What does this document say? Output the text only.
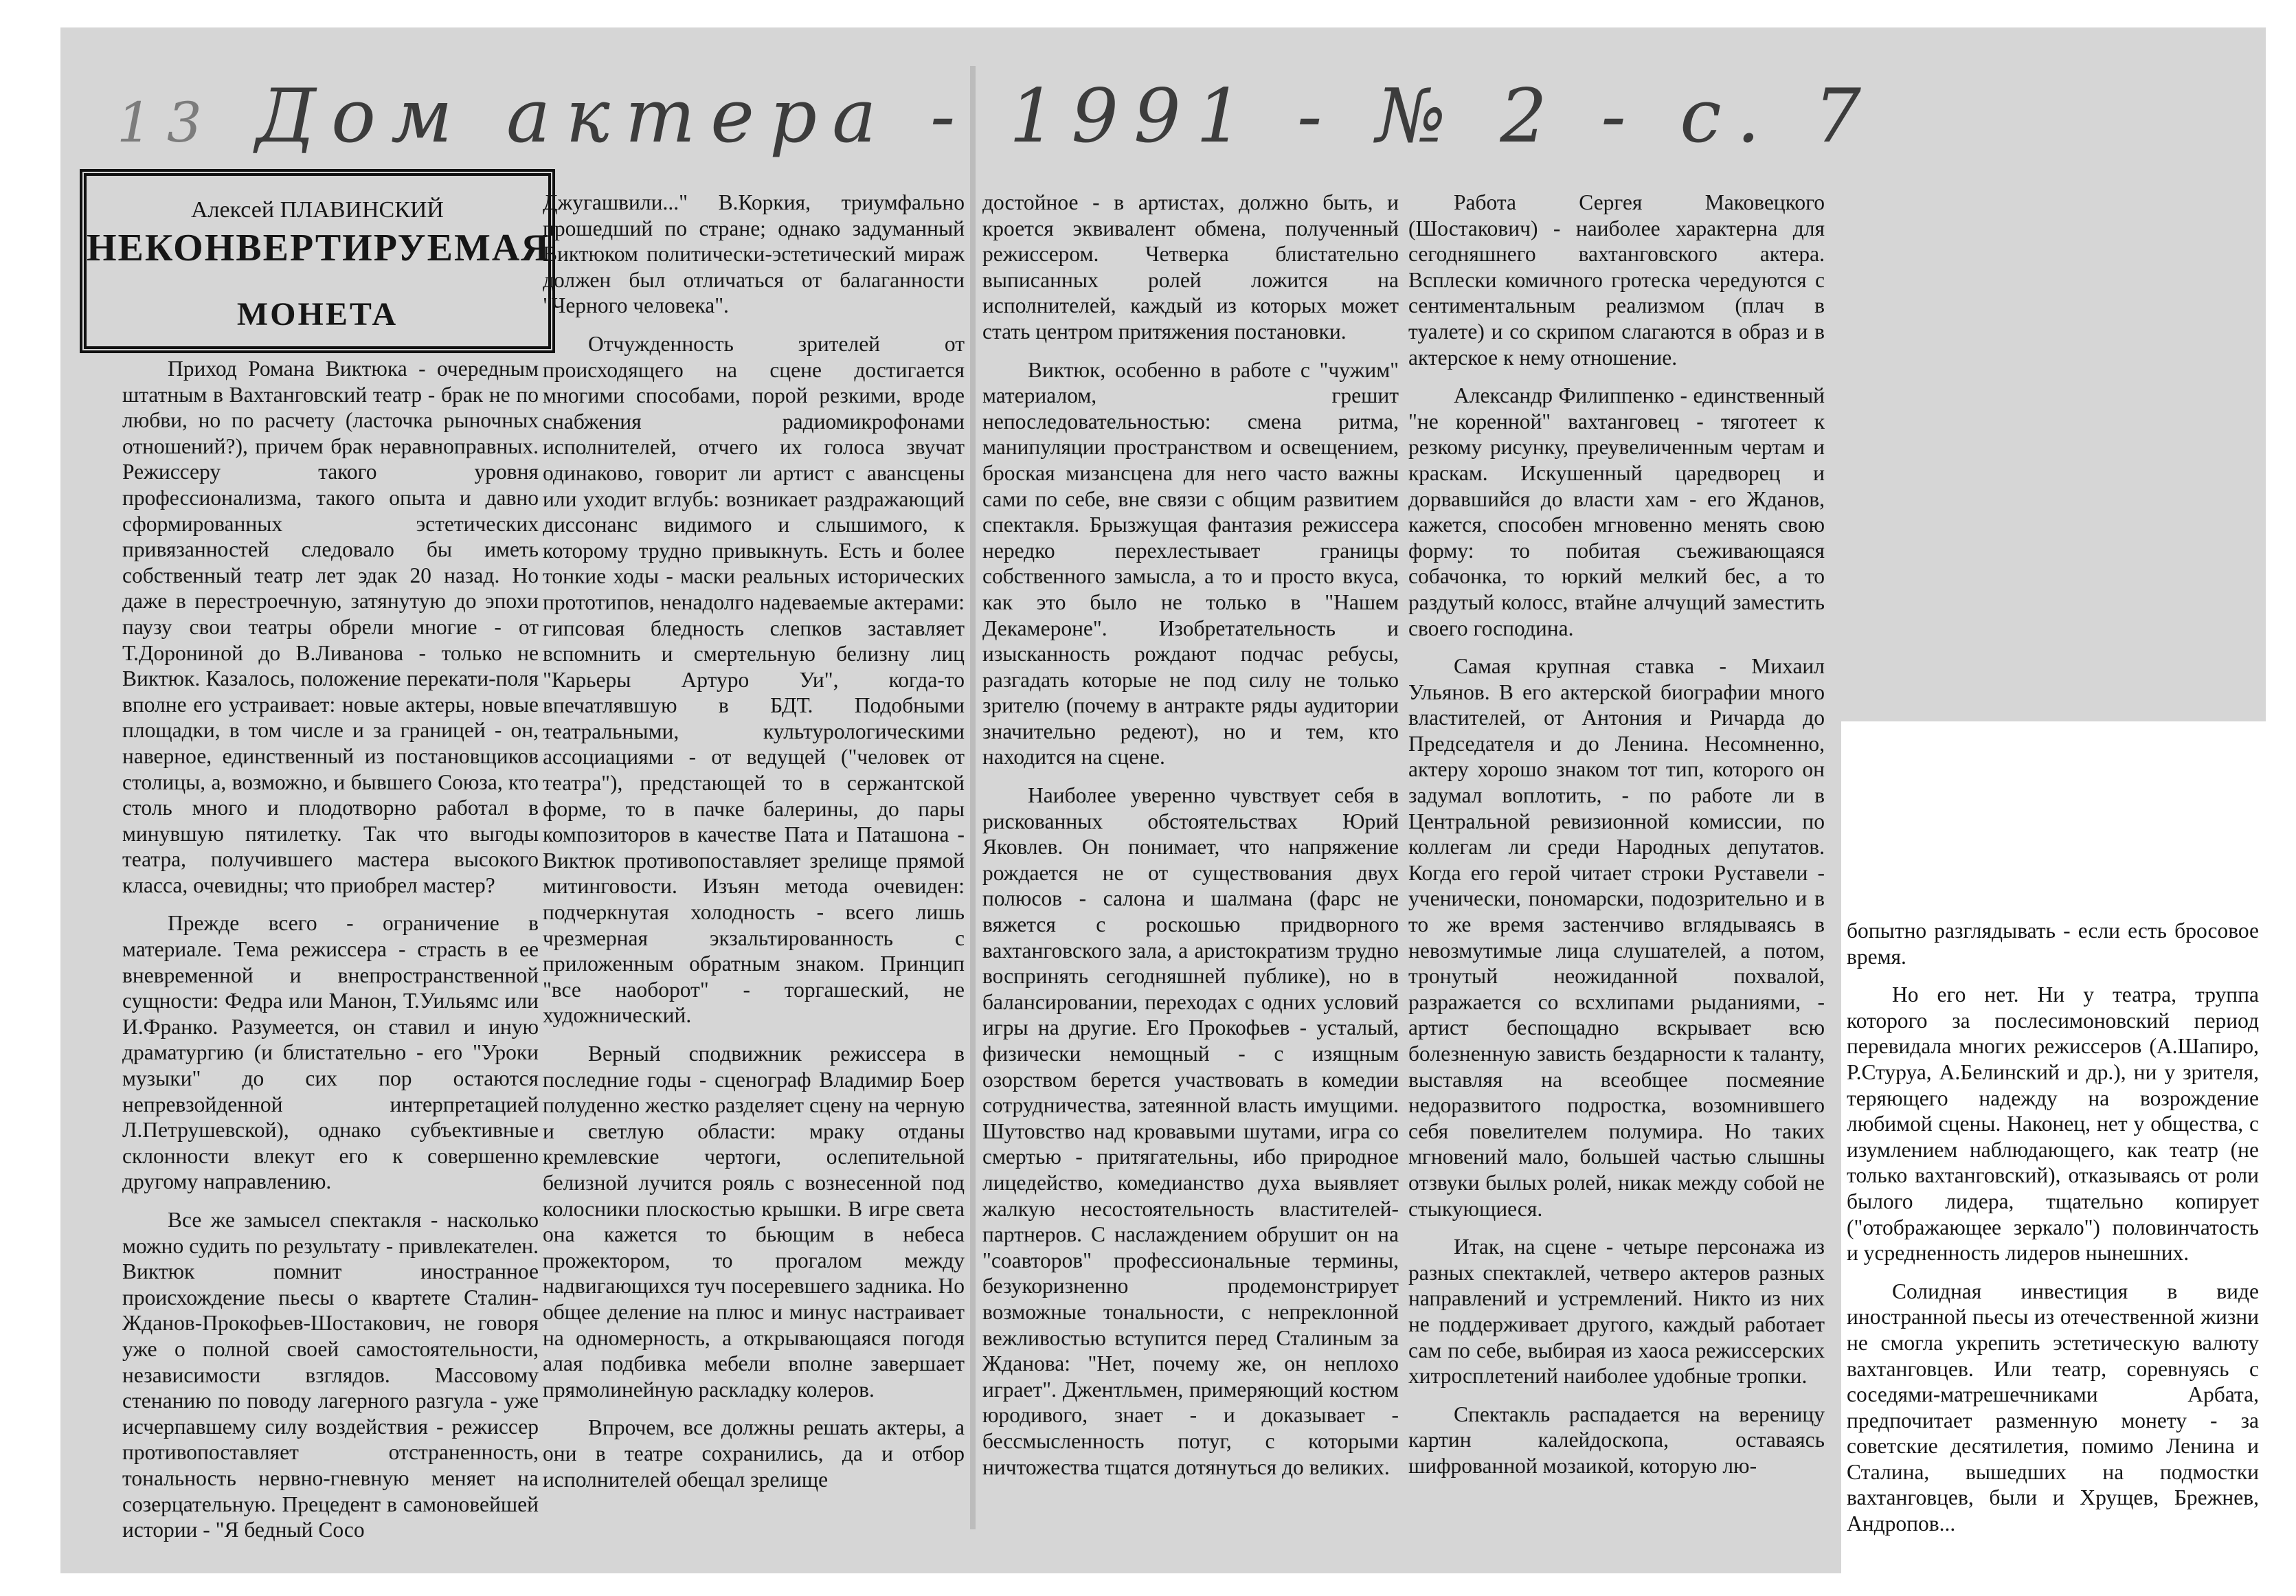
13 Дом актера - 1991 - № 2 - с. 7
Алексей ПЛАВИНСКИЙ
НЕКОНВЕРТИРУЕМАЯ
МОНЕТА

Приход Романа Виктюка - очередным штатным в Вахтанговский театр - брак не по любви, но по расчету (ласточка рыночных отношений?), причем брак неравноправных. Режиссеру такого уровня профессионализма, такого опыта и давно сформированных эстетических привязанностей следовало бы иметь собственный театр лет эдак 20 назад. Но даже в перестроечную, затянутую до эпохи паузу свои театры обрели многие - от Т.Дорониной до В.Ливанова - только не Виктюк. Казалось, положение перекати-поля вполне его устраивает: новые актеры, новые площадки, в том числе и за границей - он, наверное, единственный из постановщиков столицы, а, возможно, и бывшего Союза, кто столь много и плодотворно работал в минувшую пятилетку. Так что выгоды театра, получившего мастера высокого класса, очевидны; что приобрел мастер?

Прежде всего - ограничение в материале. Тема режиссера - страсть в ее вневременной и внепространственной сущности: Федра или Манон, Т.Уильямс или И.Франко. Разумеется, он ставил и иную драматургию (и блистательно - его "Уроки музыки" до сих пор остаются непревзойденной интерпретацией Л.Петрушевской), однако субъективные склонности влекут его к совершенно другому направлению.

Все же замысел спектакля - насколько можно судить по результату - привлекателен. Виктюк помнит иностранное происхождение пьесы о квартете Сталин-Жданов-Прокофьев-Шостакович, не говоря уже о полной своей самостоятельности, независимости взглядов. Массовому стенанию по поводу лагерного разгула - уже исчерпавшему силу воздействия - режиссер противопоставляет отстраненность, тональность нервно-гневную меняет на созерцательную. Прецедент в самоновейшей истории - "Я бедный Сосо

Джугашвили..." В.Коркия, триумфально прошедший по стране; однако задуманный Виктюком политически-эстетический мираж должен был отличаться от балаганности "Черного человека".

Отчужденность зрителей от происходящего на сцене достигается многими способами, порой резкими, вроде снабжения радиомикрофонами исполнителей, отчего их голоса звучат одинаково, говорит ли артист с авансцены или уходит вглубь: возникает раздражающий диссонанс видимого и слышимого, к которому трудно привыкнуть. Есть и более тонкие ходы - маски реальных исторических прототипов, ненадолго надеваемые актерами: гипсовая бледность слепков заставляет вспомнить и смертельную белизну лиц "Карьеры Артуро Уи", когда-то впечатлявшую в БДТ. Подобными театральными, культурологическими ассоциациями - от ведущей ("человек от театра"), предстающей то в сержантской форме, то в пачке балерины, до пары композиторов в качестве Пата и Паташона - Виктюк противопоставляет зрелище прямой митинговости. Изъян метода очевиден: подчеркнутая холодность - всего лишь чрезмерная экзальтированность с приложенным обратным знаком. Принцип "все наоборот" - торгашеский, не художнический.

Верный сподвижник режиссера в последние годы - сценограф Владимир Боер полуденно жестко разделяет сцену на черную и светлую области: мраку отданы кремлевские чертоги, ослепительной белизной лучится рояль с вознесенной под колосники плоскостью крышки. В игре света она кажется то бьющим в небеса прожектором, то прогалом между надвигающихся туч посеревшего задника. Но общее деление на плюс и минус настраивает на одномерность, а открывающаяся погодя алая подбивка мебели вполне завершает прямолинейную раскладку колеров.

Впрочем, все должны решать актеры, а они в театре сохранились, да и отбор исполнителей обещал зрелище

достойное - в артистах, должно быть, и кроется эквивалент обмена, полученный режиссером. Четверка блистательно выписанных ролей ложится на исполнителей, каждый из которых может стать центром притяжения постановки.

Виктюк, особенно в работе с "чужим" материалом, грешит непоследовательностью: смена ритма, манипуляции пространством и освещением, броская мизансцена для него часто важны сами по себе, вне связи с общим развитием спектакля. Брызжущая фантазия режиссера нередко перехлестывает границы собственного замысла, а то и просто вкуса, как это было не только в "Нашем Декамероне". Изобретательность и изысканность рождают подчас ребусы, разгадать которые не под силу не только зрителю (почему в антракте ряды аудитории значительно редеют), но и тем, кто находится на сцене.

Наиболее уверенно чувствует себя в рискованных обстоятельствах Юрий Яковлев. Он понимает, что напряжение рождается не от существования двух полюсов - салона и шалмана (фарс не вяжется с роскошью придворного вахтанговского зала, а аристократизм трудно воспринять сегодняшней публике), но в балансировании, переходах с одних условий игры на другие. Его Прокофьев - усталый, физически немощный - с изящным озорством берется участвовать в комедии сотрудничества, затеянной власть имущими. Шутовство над кровавыми шутами, игра со смертью - притягательны, ибо природное лицедейство, комедианство духа выявляет жалкую несостоятельность властителей-партнеров. С наслаждением обрушит он на "соавторов" профессиональные термины, безукоризненно продемонстрирует возможные тональности, с непреклонной вежливостью вступится перед Сталиным за Жданова: "Нет, почему же, он неплохо играет". Джентльмен, примеряющий костюм юродивого, знает - и доказывает - бессмысленность потуг, с которыми ничтожества тщатся дотянуться до великих.

Работа Сергея Маковецкого (Шостакович) - наиболее характерна для сегодняшнего вахтанговского актера. Всплески комичного гротеска чередуются с сентиментальным реализмом (плач в туалете) и со скрипом слагаются в образ и в актерское к нему отношение.

Александр Филиппенко - единственный "не коренной" вахтанговец - тяготеет к резкому рисунку, преувеличенным чертам и краскам. Искушенный царедворец и дорвавшийся до власти хам - его Жданов, кажется, способен мгновенно менять свою форму: то побитая съеживающаяся собачонка, то юркий мелкий бес, а то раздутый колосс, втайне алчущий заместить своего господина.

Самая крупная ставка - Михаил Ульянов. В его актерской биографии много властителей, от Антония и Ричарда до Председателя и до Ленина. Несомненно, актеру хорошо знаком тот тип, которого он задумал воплотить, - по работе ли в Центральной ревизионной комиссии, по коллегам ли среди Народных депутатов. Когда его герой читает строки Руставели - ученически, пономарски, подозрительно и в то же время застенчиво вглядываясь в невозмутимые лица слушателей, а потом, тронутый неожиданной похвалой, разражается со всхлипами рыданиями, - артист беспощадно вскрывает всю болезненную зависть бездарности к таланту, выставляя на всеобщее посмеяние недоразвитого подростка, возомнившего себя повелителем полумира. Но таких мгновений мало, большей частью слышны отзвуки былых ролей, никак между собой не стыкующиеся.

Итак, на сцене - четыре персонажа из разных спектаклей, четверо актеров разных направлений и устремлений. Никто из них не поддерживает другого, каждый работает сам по себе, выбирая из хаоса режиссерских хитросплетений наиболее удобные тропки.

Спектакль распадается на вереницу картин калейдоскопа, оставаясь шифрованной мозаикой, которую лю-

бопытно разглядывать - если есть бросовое время.

Но его нет. Ни у театра, труппа которого за послесимоновский период перевидала многих режиссеров (А.Шапиро, Р.Стуруа, А.Белинский и др.), ни у зрителя, теряющего надежду на возрождение любимой сцены. Наконец, нет у общества, с изумлением наблюдающего, как театр (не только вахтанговский), отказываясь от роли былого лидера, тщательно копирует ("отображающее зеркало") половинчатость и усредненность лидеров нынешних.

Солидная инвестиция в виде иностранной пьесы из отечественной жизни не смогла укрепить эстетическую валюту вахтанговцев. Или театр, соревнуясь с соседями-матрешечниками Арбата, предпочитает разменную монету - за советские десятилетия, помимо Ленина и Сталина, вышедших на подмостки вахтанговцев, были и Хрущев, Брежнев, Андропов...
